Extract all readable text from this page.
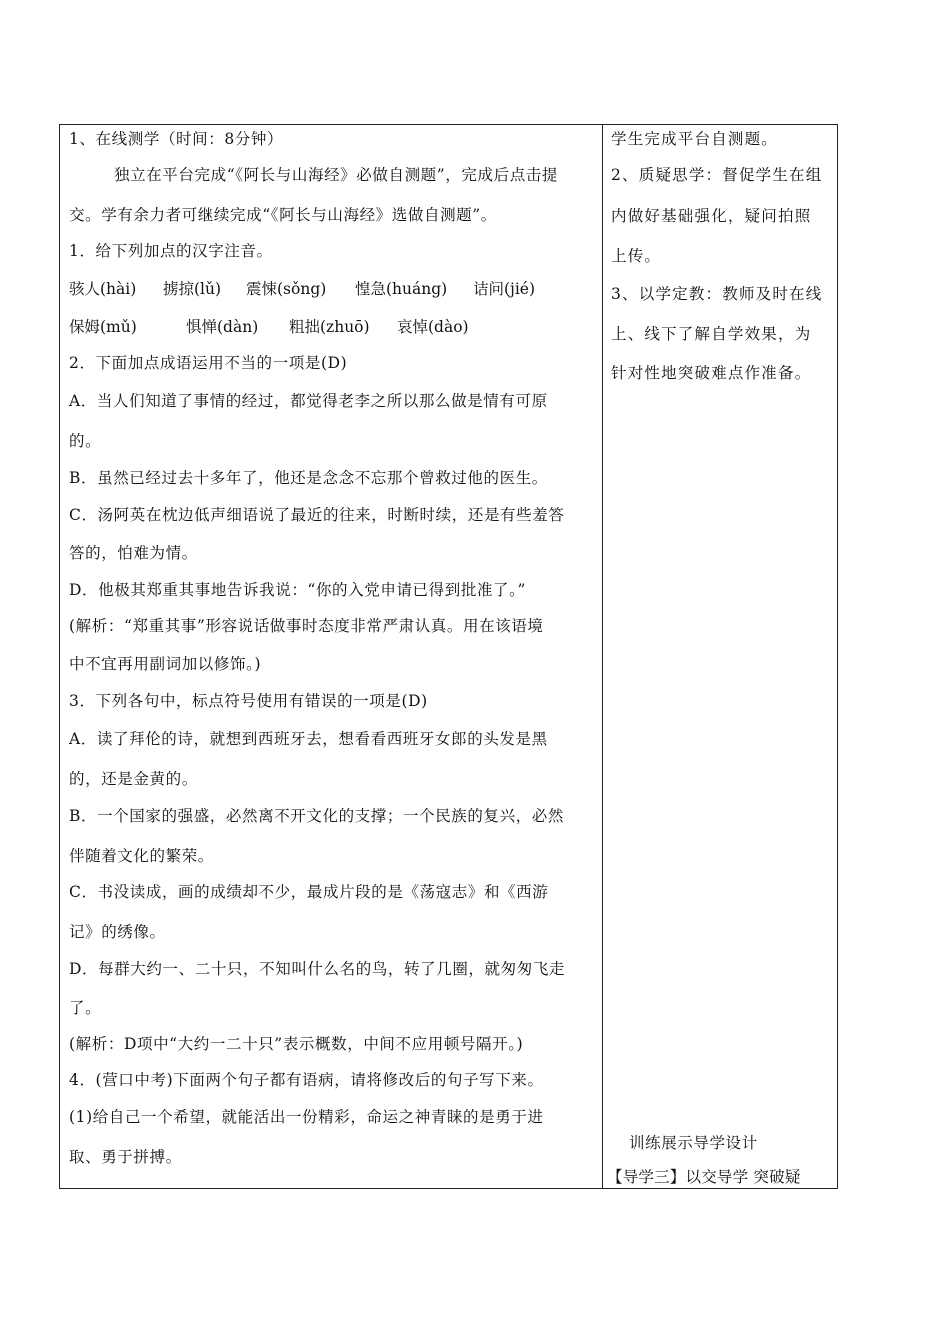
1、在线测学（时间：8分钟）
独立在平台完成“《阿长与山海经》必做自测题”，完成后点击提
交。学有余力者可继续完成“《阿长与山海经》选做自测题”。
1．给下列加点的汉字注音。
骇人(hài) 掳掠(lǔ) 震悚(sǒng) 惶急(huáng) 诘问(jié)
保姆(mǔ)	惧惮(dàn) 粗拙(zhuō) 哀悼(dào)
2．下面加点成语运用不当的一项是(D)
A．当人们知道了事情的经过，都觉得老李之所以那么做是情有可原
的。
B．虽然已经过去十多年了，他还是念念不忘那个曾救过他的医生。
C．汤阿英在枕边低声细语说了最近的往来，时断时续，还是有些羞答
答的，怕难为情。
D．他极其郑重其事地告诉我说：“你的入党申请已得到批准了。”
(解析：“郑重其事”形容说话做事时态度非常严肃认真。用在该语境
中不宜再用副词加以修饰。)
3．下列各句中，标点符号使用有错误的一项是(D)
A．读了拜伦的诗，就想到西班牙去，想看看西班牙女郎的头发是黑
的，还是金黄的。
B．一个国家的强盛，必然离不开文化的支撑；一个民族的复兴，必然
伴随着文化的繁荣。
C．书没读成，画的成绩却不少，最成片段的是《荡寇志》和《西游
记》的绣像。
D．每群大约一、二十只，不知叫什么名的鸟，转了几圈，就匆匆飞走
了。
(解析：D项中“大约一二十只”表示概数，中间不应用顿号隔开。)
4．(营口中考)下面两个句子都有语病，请将修改后的句子写下来。
(1)给自己一个希望，就能活出一份精彩，命运之神青睐的是勇于进
取、勇于拼搏。
学生完成平台自测题。
2、质疑思学：督促学生在组
内做好基础强化，疑问拍照
上传。
3、以学定教：教师及时在线
上、线下了解自学效果，为
针对性地突破难点作准备。
训练展示导学设计
【导学三】以交导学 突破疑
